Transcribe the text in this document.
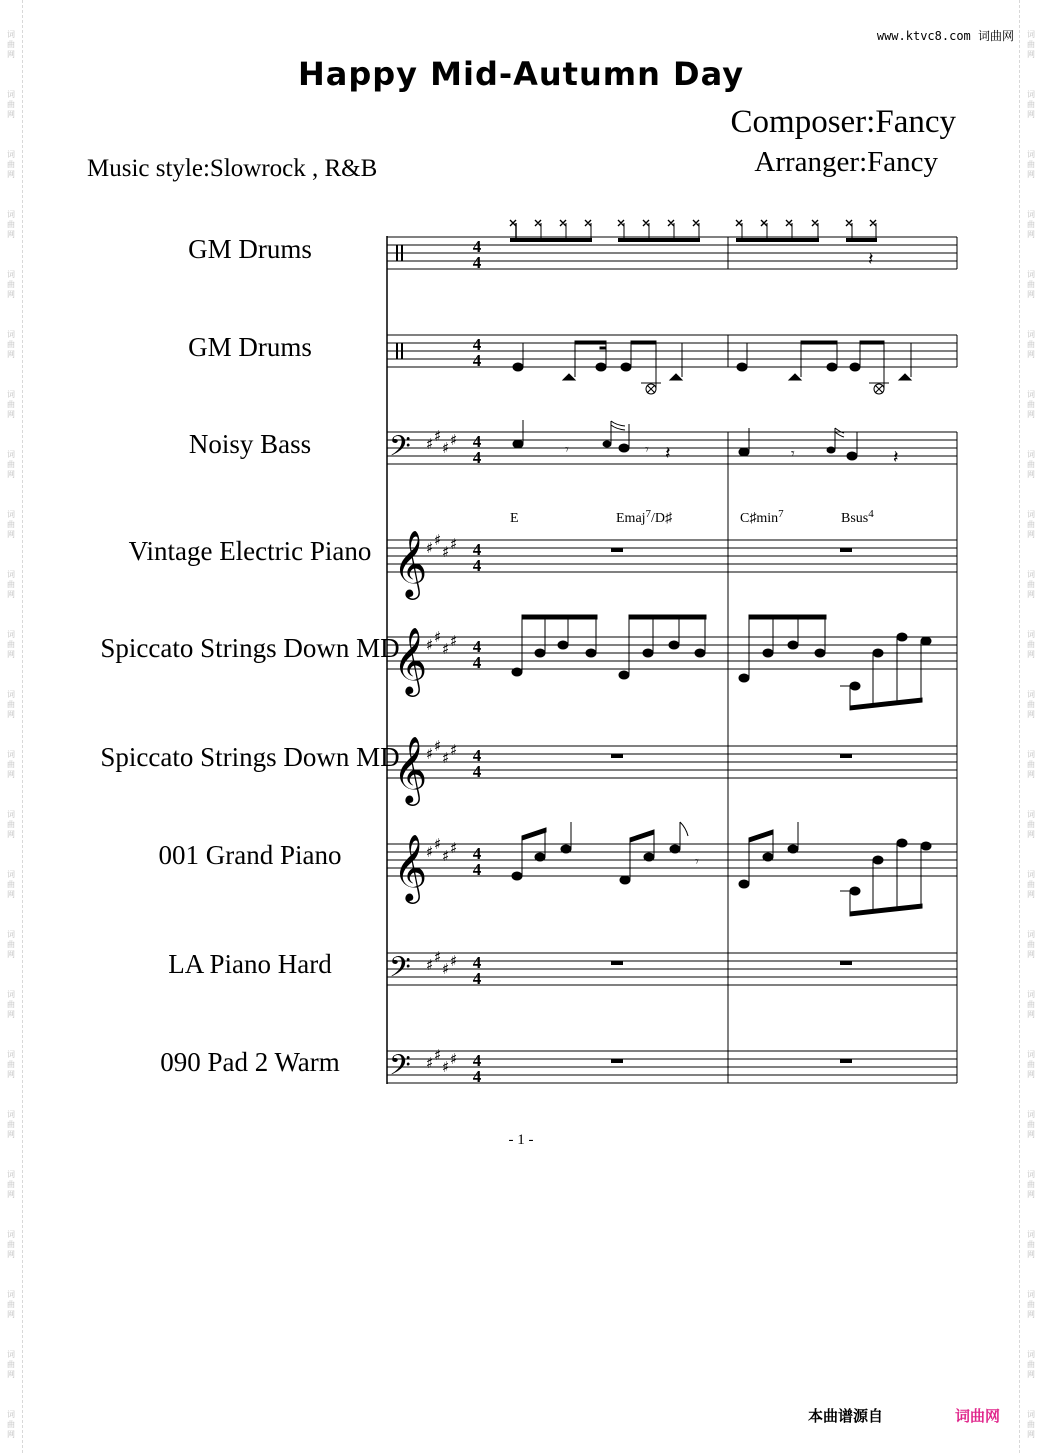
词
曲
网
词
曲
网
词
曲
网
词
曲
网
词
曲
网
词
曲
网
词
曲
网
词
曲
网
词
曲
网
词
曲
网
词
曲
网
词
曲
网
词
曲
网
词
曲
网
词
曲
网
词
曲
网
词
曲
网
词
曲
网
词
曲
网
词
曲
网
词
曲
网
词
曲
网
词
曲
网
词
曲
网
词
曲
网
词
曲
网
词
曲
网
词
曲
网
词
曲
网
词
曲
网
词
曲
网
词
曲
网
词
曲
网
词
曲
网
词
曲
网
词
曲
网
词
曲
网
词
曲
网
词
曲
网
词
曲
网
词
曲
网
词
曲
网
词
曲
网
词
曲
网
词
曲
网
词
曲
网
词
曲
网
词
曲
网
www.ktvc8.com 词曲网
Happy Mid-Autumn Day
Composer:Fancy
Arranger:Fancy
Music style:Slowrock , R&B
GM Drums
GM Drums
Noisy Bass
Vintage Electric Piano
Spiccato Strings Down MD
Spiccato Strings Down MD
001 Grand Piano
LA Piano Hard
090 Pad 2 Warm
𝄢
𝄢
𝄢
𝄞
𝄞
𝄞
𝄞
♯ ♯
♯ ♯
♯ ♯
♯ ♯
♯ ♯
♯ ♯
♯ ♯
♯ ♯
♯ ♯
♯ ♯
♯ ♯
♯ ♯
♯ ♯
♯ ♯
4
4
4
4
4
4
4
4
4
4
4
4
4
4
4
4
4
4
E	Emaj$^7$/D♯	$C♯\min^7$	Bsus$^4$
𝄽
𝄾	𝄾 𝄽	𝄾	𝄽
𝄾
- 1 -
本曲谱源自	词曲网
